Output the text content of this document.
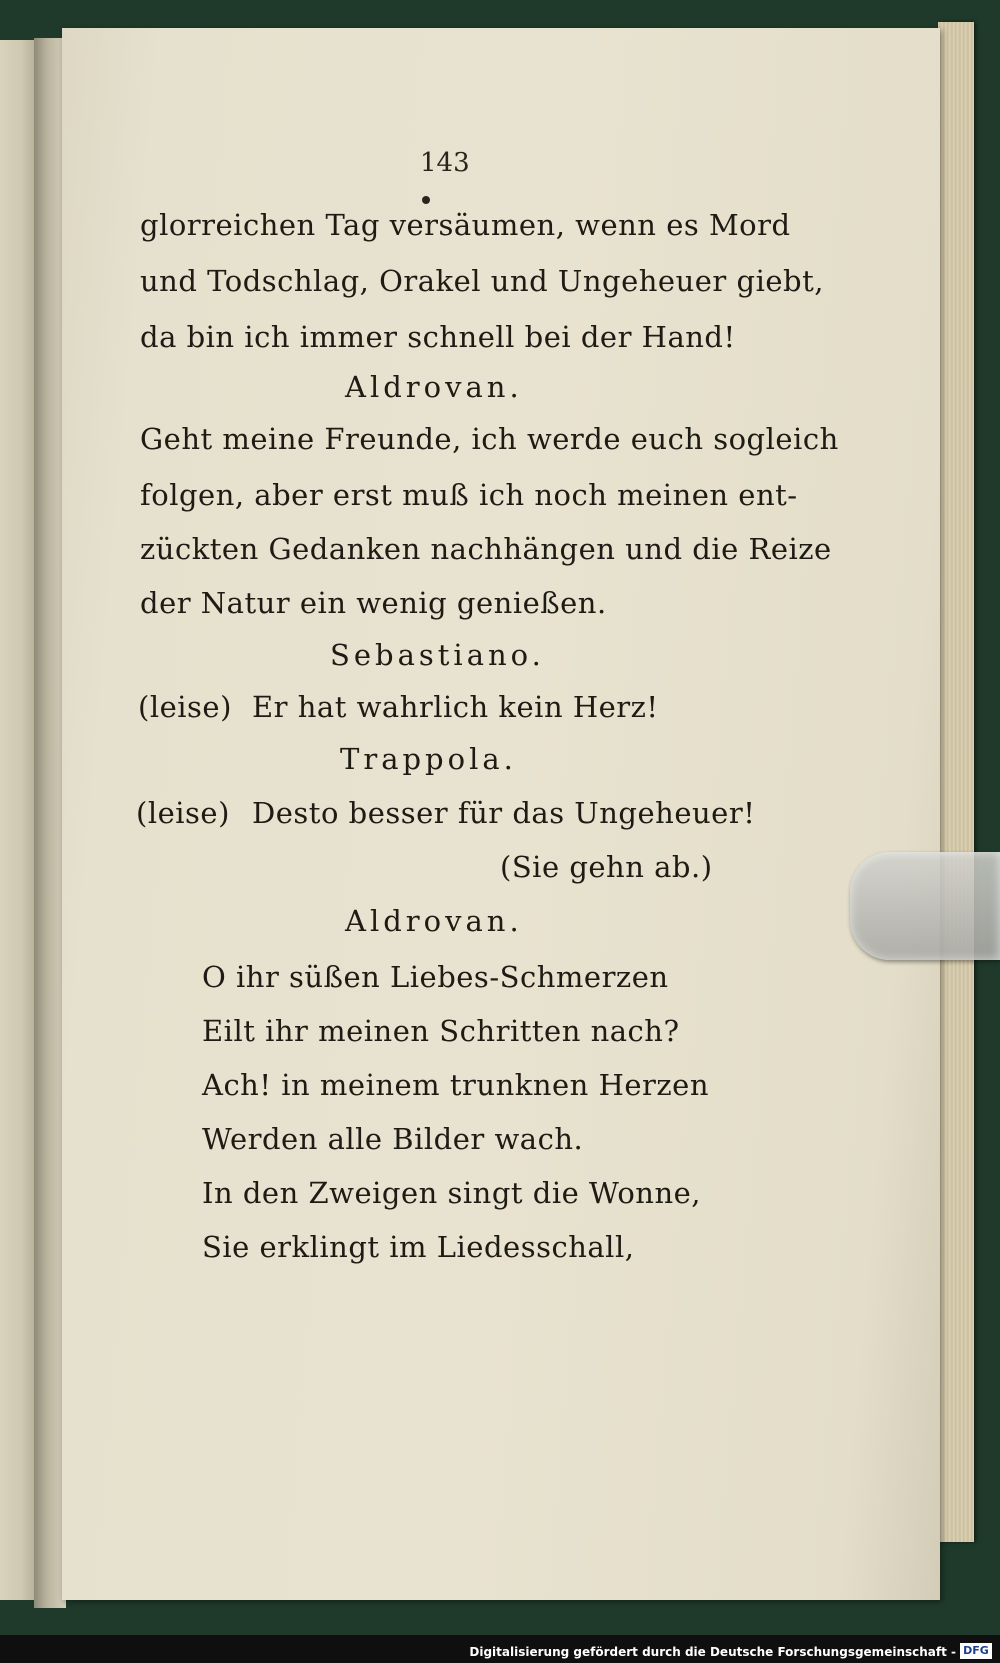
143
glorreichen Tag versäumen, wenn es Mord
und Todschlag, Orakel und Ungeheuer giebt,
da bin ich immer schnell bei der Hand!
Aldrovan.
Geht meine Freunde, ich werde euch sogleich
folgen, aber erst muß ich noch meinen ent-
zückten Gedanken nachhängen und die Reize
der Natur ein wenig genießen.
Sebastiano.
(leise) Er hat wahrlich kein Herz!
Trappola.
(leise) Desto besser für das Ungeheuer!
(Sie gehn ab.)
Aldrovan.
O ihr süßen Liebes-Schmerzen
Eilt ihr meinen Schritten nach?
Ach! in meinem trunknen Herzen
Werden alle Bilder wach.
In den Zweigen singt die Wonne,
Sie erklingt im Liedesschall,
Digitalisierung gefördert durch die Deutsche Forschungsgemeinschaft - DFG
